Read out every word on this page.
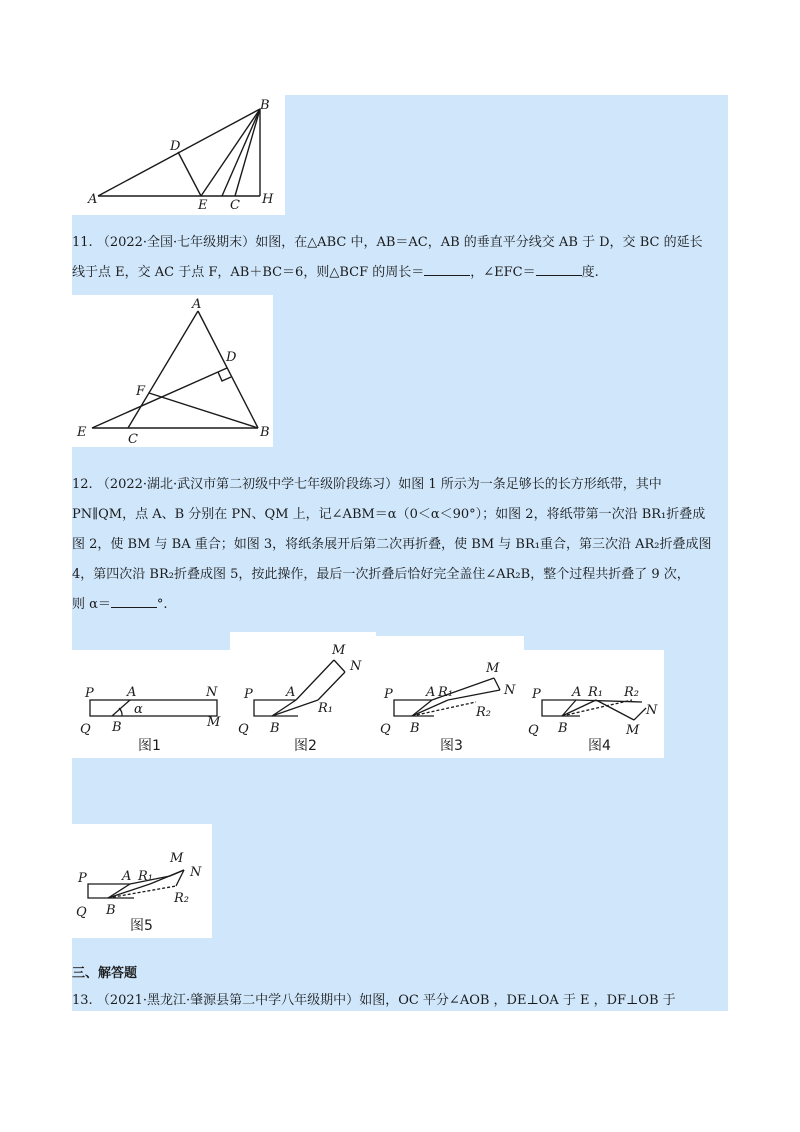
B
D
A	E C H

11. （2022·全国·七年级期末）如图，在△ABC 中，AB＝AC，AB 的垂直平分线交 AB 于 D，交 BC 的延长

线于点 E，交 AC 于点 F，AB＋BC＝6，则△BCF 的周长＝	，∠EFC＝	度.

A
D
F
E	C	B

12. （2022·湖北·武汉市第二初级中学七年级阶段练习）如图 1 所示为一条足够长的长方形纸带，其中

PN∥QM，点 A、B 分别在 PN、QM 上，记∠ABM＝α（0＜α＜90°）；如图 2，将纸带第一次沿 BR₁折叠成

图 2，使 BM 与 BA 重合；如图 3，将纸条展开后第二次再折叠，使 BM 与 BR₁重合，第三次沿 AR₂折叠成图

4，第四次沿 BR₂折叠成图 5，按此操作，最后一次折叠后恰好完全盖住∠AR₂B，整个过程共折叠了 9 次，

则 α＝	°.

P	A	N
α
Q B	M
图1
M
N
P	A
R₁
Q B
图2
M
N
P	A R₁
R₂
Q B
图3
P A R₁ R₂
N
M
Q B
图4
M
N
P	A R₁
R₂
Q B
图5
三、解答题

13. （2021·黑龙江·肇源县第二中学八年级期中）如图，OC 平分∠AOB ，DE⊥OA 于 E ，DF⊥OB 于
